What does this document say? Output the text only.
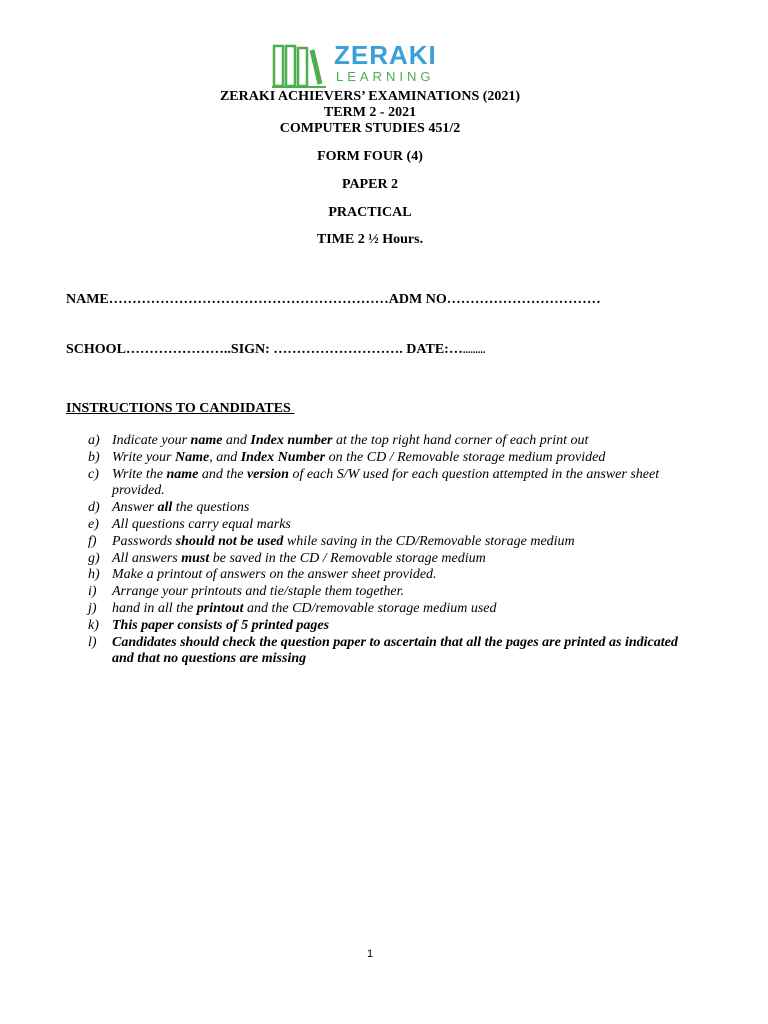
ZERAKI
LEARNING
ZERAKI ACHIEVERS’ EXAMINATIONS (2021)
TERM 2 - 2021
COMPUTER STUDIES 451/2
FORM FOUR (4)
PAPER 2
PRACTICAL
TIME 2 ½ Hours.
NAME……………………………………………………ADM NO……………………………
SCHOOL…………………..SIGN: ………………………. DATE:….........
INSTRUCTIONS TO CANDIDATES
a) Indicate your name and Index number at the top right hand corner of each print out
b) Write your Name, and Index Number on the CD / Removable storage medium provided
c) Write the name and the version of each S/W used for each question attempted in the answer sheet provided.
d) Answer all the questions
e) All questions carry equal marks
f)	Passwords should not be used while saving in the CD/Removable storage medium
g) All answers must be saved in the CD / Removable storage medium
h) Make a printout of answers on the answer sheet provided.
i)	Arrange your printouts and tie/staple them together.
j)	hand in all the printout and the CD/removable storage medium used
k) This paper consists of 5 printed pages
l)	Candidates should check the question paper to ascertain that all the pages are printed as indicated and that no questions are missing
1
